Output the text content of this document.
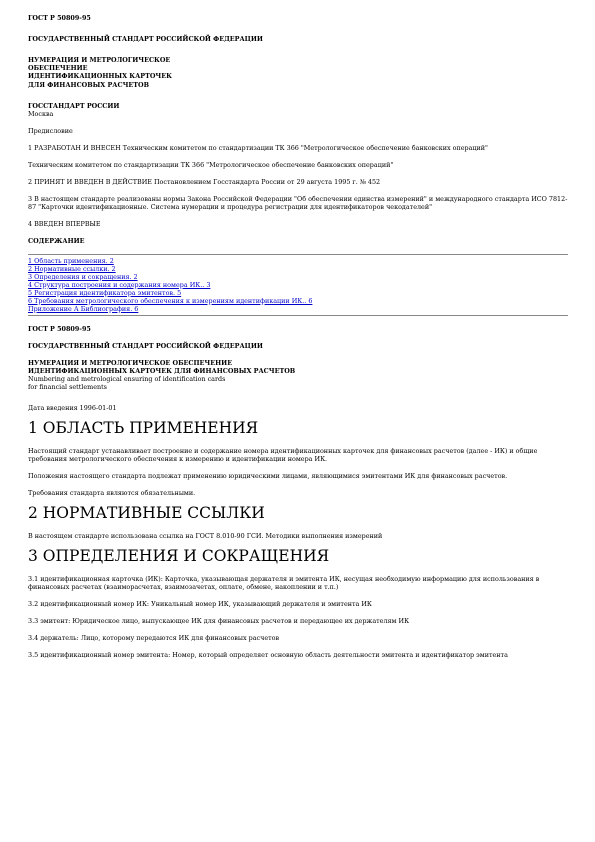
ГОСТ Р 50809-95

ГОСУДАРСТВЕННЫЙ СТАНДАРТ РОССИЙСКОЙ ФЕДЕРАЦИИ

НУМЕРАЦИЯ И МЕТРОЛОГИЧЕСКОЕ

ОБЕСПЕЧЕНИЕ

ИДЕНТИФИКАЦИОННЫХ КАРТОЧЕК

ДЛЯ ФИНАНСОВЫХ РАСЧЕТОВ

ГОССТАНДАРТ РОССИИ

Москва

Предисловие

1 РАЗРАБОТАН И ВНЕСЕН Техническим комитетом по стандартизации ТК 366 "Метрологическое обеспечение банковских операций"

Техническим комитетом по стандартизации ТК 366 "Метрологическое обеспечение банковских операций"

2 ПРИНЯТ И ВВЕДЕН В ДЕЙСТВИЕ Постановлением Госстандарта России от 29 августа 1995 г. № 452

3 В настоящем стандарте реализованы нормы Закона Российской Федерации "Об обеспечении единства измерений" и международного стандарта ИСО 7812-87 "Карточки идентификационные. Система нумерации и процедура регистрации для идентификаторов чекодателей"

4 ВВЕДЕН ВПЕРВЫЕ

СОДЕРЖАНИЕ

1 Область применения. 2
2 Нормативные ссылки. 2
3 Определения и сокращения. 2
4 Структура построения и содержания номера ИК.. 3
5 Регистрация идентификатора эмитентов. 5
6 Требования метрологического обеспечения к измерениям идентификации ИК.. 6
Приложение А Библиография. 6

ГОСТ Р 50809-95

ГОСУДАРСТВЕННЫЙ СТАНДАРТ РОССИЙСКОЙ ФЕДЕРАЦИИ

НУМЕРАЦИЯ И МЕТРОЛОГИЧЕСКОЕ ОБЕСПЕЧЕНИЕ

ИДЕНТИФИКАЦИОННЫХ КАРТОЧЕК ДЛЯ ФИНАНСОВЫХ РАСЧЕТОВ

Numbering and metrological ensuring of identification cards

for financial settlements

Дата введения 1996-01-01

1 ОБЛАСТЬ ПРИМЕНЕНИЯ

Настоящий стандарт устанавливает построение и содержание номера идентификационных карточек для финансовых расчетов (далее - ИК) и общие требования метрологического обеспечения к измерению и идентификации номера ИК.

Положения настоящего стандарта подлежат применению юридическими лицами, являющимися эмитентами ИК для финансовых расчетов.

Требования стандарта являются обязательными.

2 НОРМАТИВНЫЕ ССЫЛКИ

В настоящем стандарте использована ссылка на ГОСТ 8.010-90 ГСИ. Методики выполнения измерений

3 ОПРЕДЕЛЕНИЯ И СОКРАЩЕНИЯ

3.1 идентификационная карточка (ИК): Карточка, указывающая держателя и эмитента ИК, несущая необходимую информацию для использования в финансовых расчетах (взаиморасчетах, взаимозачетах, оплате, обмене, накоплении и т.п.)

3.2 идентификационный номер ИК: Уникальный номер ИК, указывающий держателя и эмитента ИК

3.3 эмитент: Юридическое лицо, выпускающее ИК для финансовых расчетов и передающее их держателям ИК

3.4 держатель: Лицо, которому передаются ИК для финансовых расчетов

3.5 идентификационный номер эмитента: Номер, который определяет основную область деятельности эмитента и идентификатор эмитента
